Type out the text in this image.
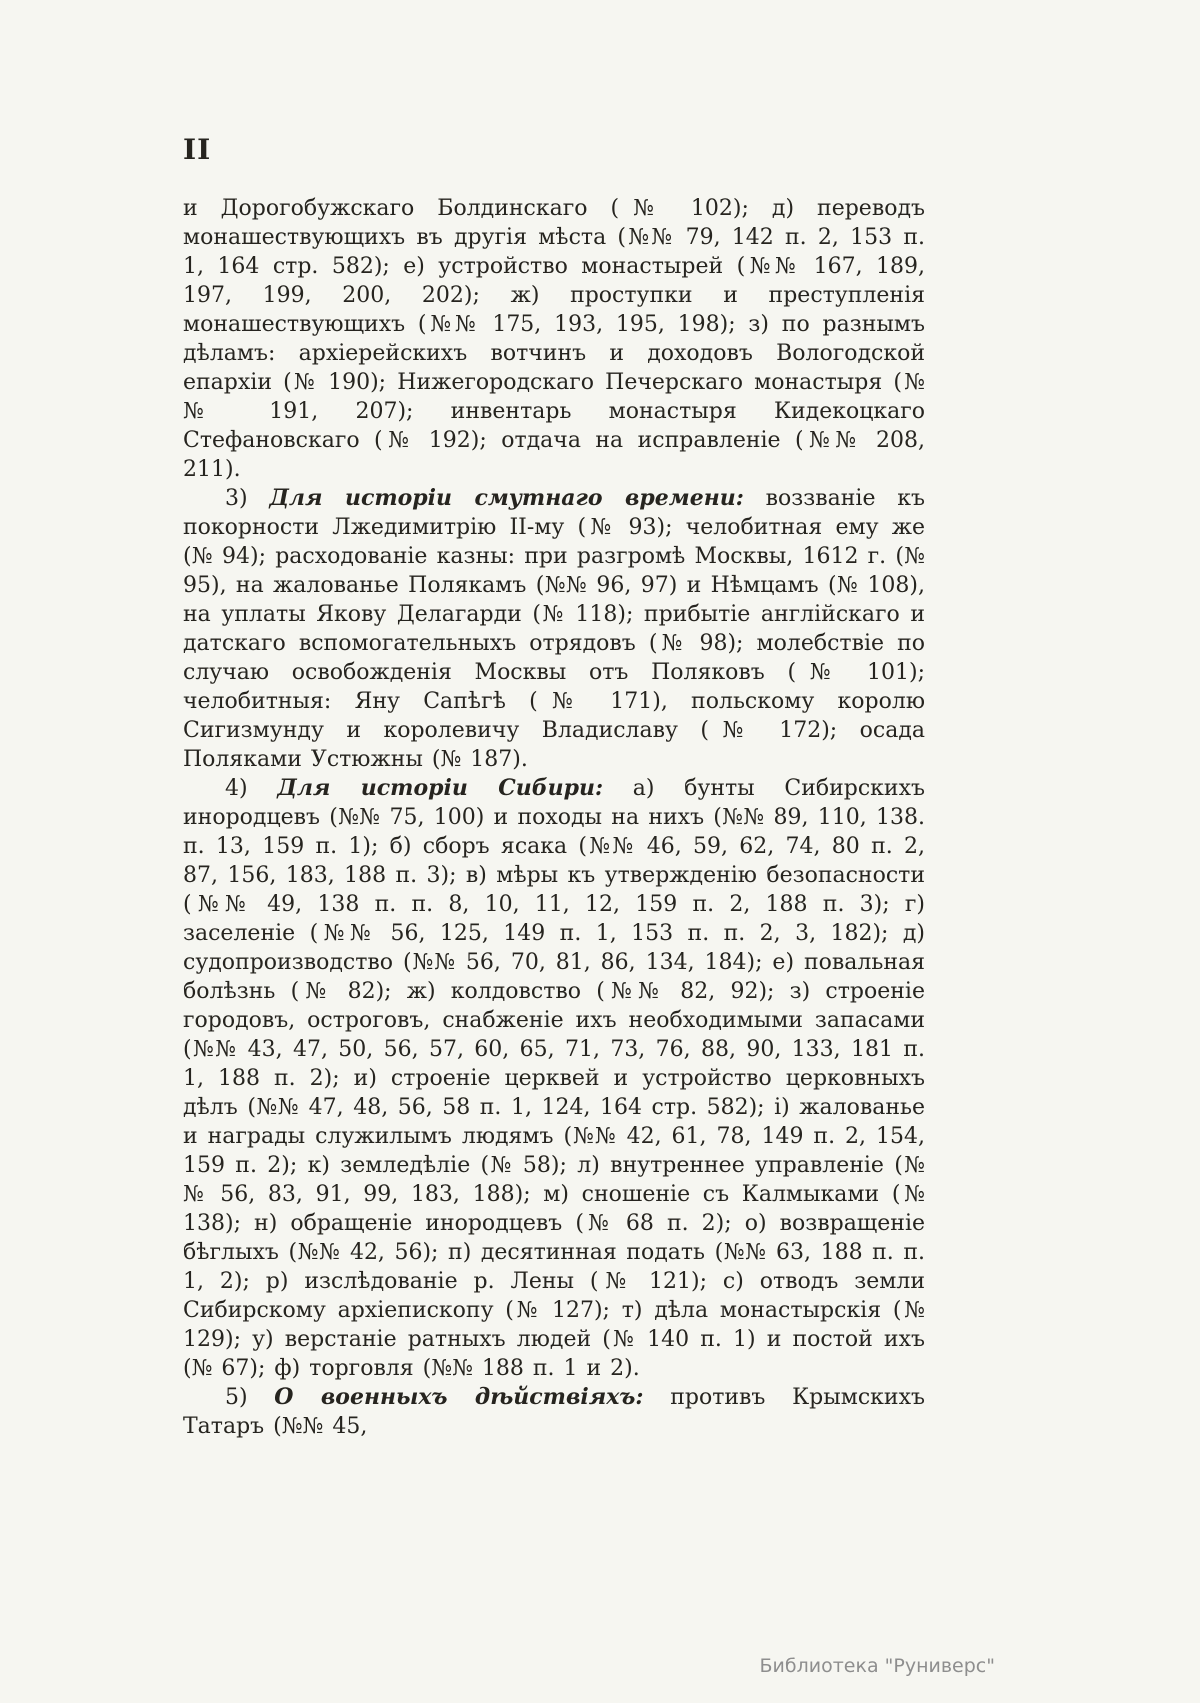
II

и Дорогобужскаго Болдинскаго (№ 102); д) переводъ монашествующихъ въ другія мѣста (№№ 79, 142 п. 2, 153 п. 1, 164 стр. 582); е) устройство монастырей (№№ 167, 189, 197, 199, 200, 202); ж) проступки и преступленія монашествующихъ (№№ 175, 193, 195, 198); з) по разнымъ дѣламъ: архіерейскихъ вотчинъ и доходовъ Вологодской епархіи (№ 190); Нижегородскаго Печерскаго монастыря (№№ 191, 207); инвентарь монастыря Кидекоцкаго Стефановскаго (№ 192); отдача на исправленіе (№№ 208, 211).

3) Для исторіи смутнаго времени: воззваніе къ покорности Лжедимитрію II-му (№ 93); челобитная ему же (№ 94); расходованіе казны: при разгромѣ Москвы, 1612 г. (№ 95), на жалованье Полякамъ (№№ 96, 97) и Нѣмцамъ (№ 108), на уплаты Якову Делагарди (№ 118); прибытіе англійскаго и датскаго вспомогательныхъ отрядовъ (№ 98); молебствіе по случаю освобожденія Москвы отъ Поляковъ (№ 101); челобитныя: Яну Сапѣгѣ (№ 171), польскому королю Сигизмунду и королевичу Владиславу (№ 172); осада Поляками Устюжны (№ 187).

4) Для исторіи Сибири: а) бунты Сибирскихъ инородцевъ (№№ 75, 100) и походы на нихъ (№№ 89, 110, 138. п. 13, 159 п. 1); б) сборъ ясака (№№ 46, 59, 62, 74, 80 п. 2, 87, 156, 183, 188 п. 3); в) мѣры къ утвержденію безопасности (№№ 49, 138 п. п. 8, 10, 11, 12, 159 п. 2, 188 п. 3); г) заселеніе (№№ 56, 125, 149 п. 1, 153 п. п. 2, 3, 182); д) судопроизводство (№№ 56, 70, 81, 86, 134, 184); е) повальная болѣзнь (№ 82); ж) колдовство (№№ 82, 92); з) строеніе городовъ, остроговъ, снабженіе ихъ необходимыми запасами (№№ 43, 47, 50, 56, 57, 60, 65, 71, 73, 76, 88, 90, 133, 181 п. 1, 188 п. 2); и) строеніе церквей и устройство церковныхъ дѣлъ (№№ 47, 48, 56, 58 п. 1, 124, 164 стр. 582); і) жалованье и награды служилымъ людямъ (№№ 42, 61, 78, 149 п. 2, 154, 159 п. 2); к) земледѣліе (№ 58); л) внутреннее управленіе (№№ 56, 83, 91, 99, 183, 188); м) сношеніе съ Калмыками (№ 138); н) обращеніе инородцевъ (№ 68 п. 2); о) возвращеніе бѣглыхъ (№№ 42, 56); п) десятинная подать (№№ 63, 188 п. п. 1, 2); р) изслѣдованіе р. Лены (№ 121); с) отводъ земли Сибирскому архіепископу (№ 127); т) дѣла монастырскія (№ 129); у) верстаніе ратныхъ людей (№ 140 п. 1) и постой ихъ (№ 67); ф) торговля (№№ 188 п. 1 и 2).

5) О военныхъ дѣйствіяхъ: противъ Крымскихъ Татаръ (№№ 45,

Библиотека "Руниверс"
